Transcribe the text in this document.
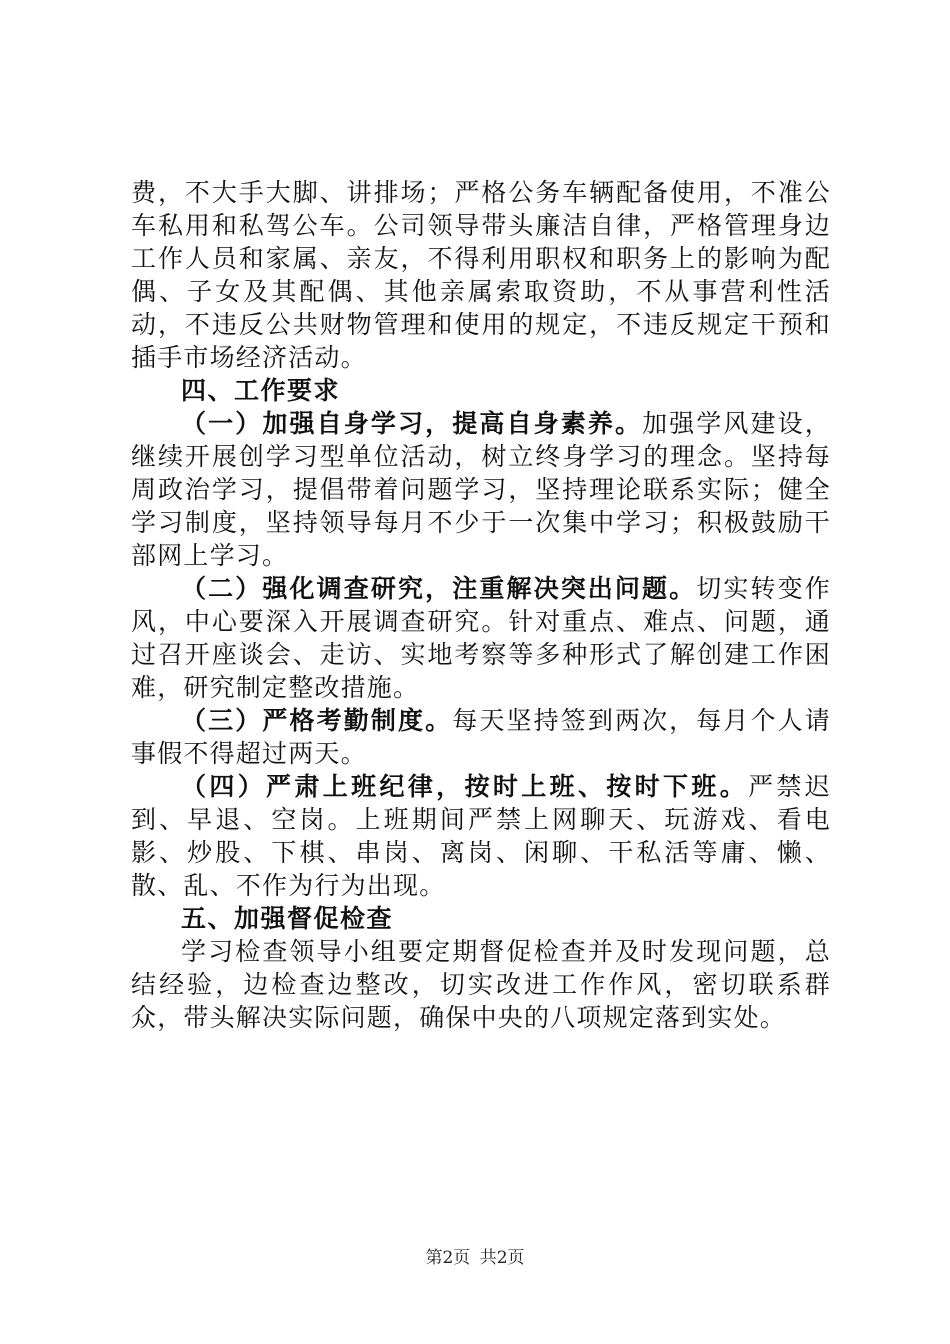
费，不大手大脚、讲排场；严格公务车辆配备使用，不准公车私用和私驾公车。公司领导带头廉洁自律，严格管理身边工作人员和家属、亲友，不得利用职权和职务上的影响为配偶、子女及其配偶、其他亲属索取资助，不从事营利性活动，不违反公共财物管理和使用的规定，不违反规定干预和插手市场经济活动。

四、工作要求

（一）加强自身学习，提高自身素养。加强学风建设，继续开展创学习型单位活动，树立终身学习的理念。坚持每周政治学习，提倡带着问题学习，坚持理论联系实际；健全学习制度，坚持领导每月不少于一次集中学习；积极鼓励干部网上学习。

（二）强化调查研究，注重解决突出问题。切实转变作风，中心要深入开展调查研究。针对重点、难点、问题，通过召开座谈会、走访、实地考察等多种形式了解创建工作困难，研究制定整改措施。

（三）严格考勤制度。每天坚持签到两次，每月个人请事假不得超过两天。

（四）严肃上班纪律，按时上班、按时下班。严禁迟到、早退、空岗。上班期间严禁上网聊天、玩游戏、看电影、炒股、下棋、串岗、离岗、闲聊、干私活等庸、懒、散、乱、不作为行为出现。

五、加强督促检查

学习检查领导小组要定期督促检查并及时发现问题，总结经验，边检查边整改，切实改进工作作风，密切联系群众，带头解决实际问题，确保中央的八项规定落到实处。

第2页 共2页
